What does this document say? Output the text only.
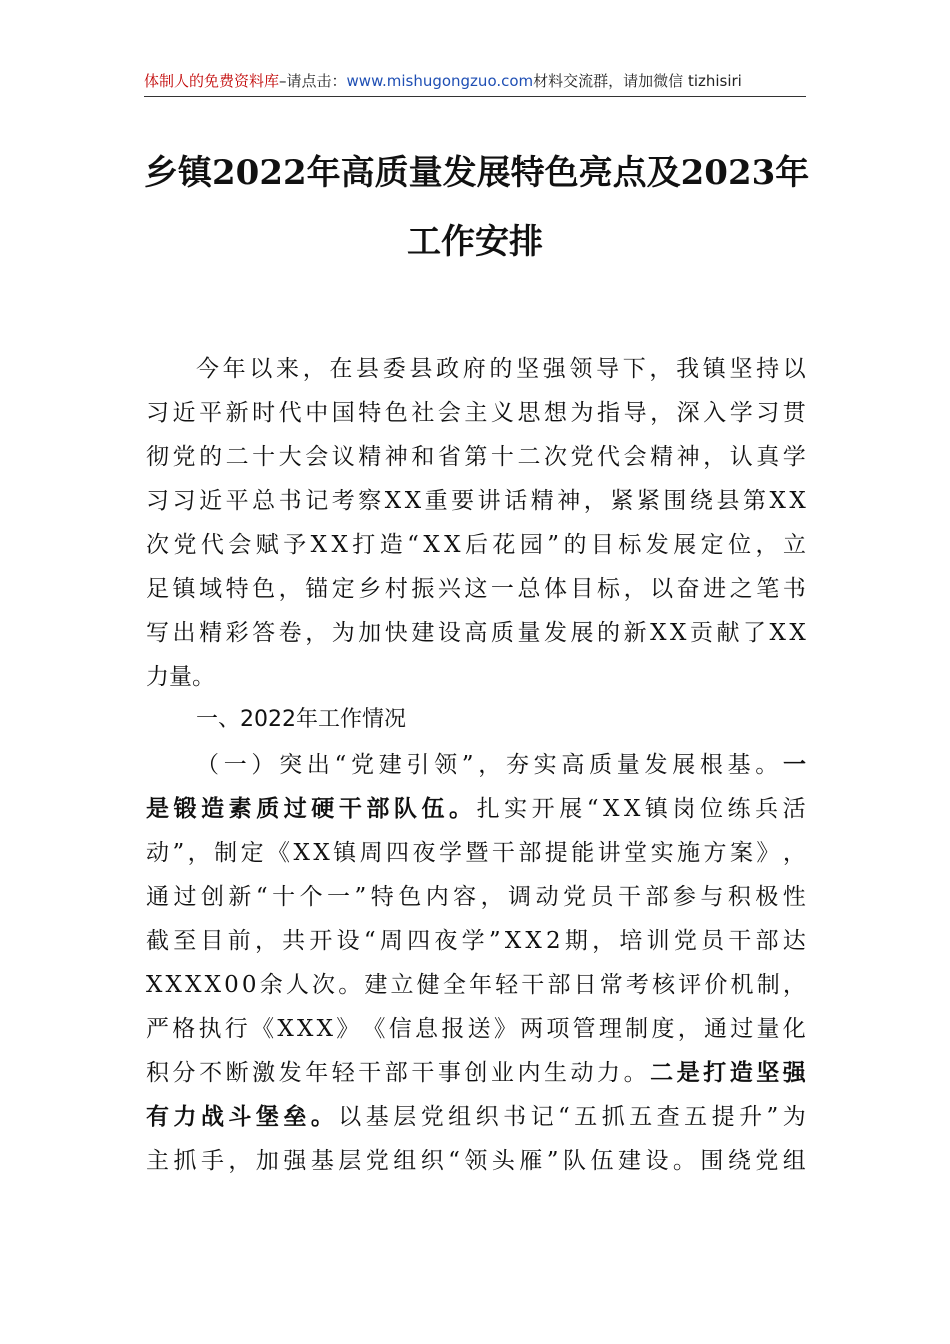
体制人的免费资料库–请点击：www.mishugongzuo.com材料交流群，请加微信 tizhisiri
乡镇2022年高质量发展特色亮点及2023年
工作安排
今 年 以 来 ， 在 县 委 县 政 府 的 坚 强 领 导 下 ， 我 镇 坚 持 以
习 近 平 新 时 代 中 国 特 色 社 会 主 义 思 想 为 指 导 ， 深 入 学 习 贯
彻 党 的 二 十 大 会 议 精 神 和 省 第 十 二 次 党 代 会 精 神 ， 认 真 学
习 习 近 平 总 书 记 考 察 X X 重 要 讲 话 精 神 ， 紧 紧 围 绕 县 第 X X
次 党 代 会 赋 予 X X 打 造 “ X X 后 花 园 ” 的 目 标 发 展 定 位 ， 立
足 镇 域 特 色 ， 锚 定 乡 村 振 兴 这 一 总 体 目 标 ， 以 奋 进 之 笔 书
写 出 精 彩 答 卷 ， 为 加 快 建 设 高 质 量 发 展 的 新 X X 贡 献 了 X X
力量。
一、2022年工作情况
（ 一 ） 突 出 “ 党 建 引 领 ” ， 夯 实 高 质 量 发 展 根 基 。 一
是 锻 造 素 质 过 硬 干 部 队 伍 。 扎 实 开 展 “ X X 镇 岗 位 练 兵 活
动 ” ， 制 定 《 X X 镇 周 四 夜 学 暨 干 部 提 能 讲 堂 实 施 方 案 》 ，
通 过 创 新 “ 十 个 一 ” 特 色 内 容 ， 调 动 党 员 干 部 参 与 积 极 性
截 至 目 前 ， 共 开 设 “ 周 四 夜 学 ” X X 2 期 ， 培 训 党 员 干 部 达
X X X X 0 0 余 人 次 。 建 立 健 全 年 轻 干 部 日 常 考 核 评 价 机 制 ，
严 格 执 行 《 X X X 》 《 信 息 报 送 》 两 项 管 理 制 度 ， 通 过 量 化
积 分 不 断 激 发 年 轻 干 部 干 事 创 业 内 生 动 力 。 二 是 打 造 坚 强
有 力 战 斗 堡 垒 。 以 基 层 党 组 织 书 记 “ 五 抓 五 查 五 提 升 ” 为
主 抓 手 ， 加 强 基 层 党 组 织 “ 领 头 雁 ” 队 伍 建 设 。 围 绕 党 组
